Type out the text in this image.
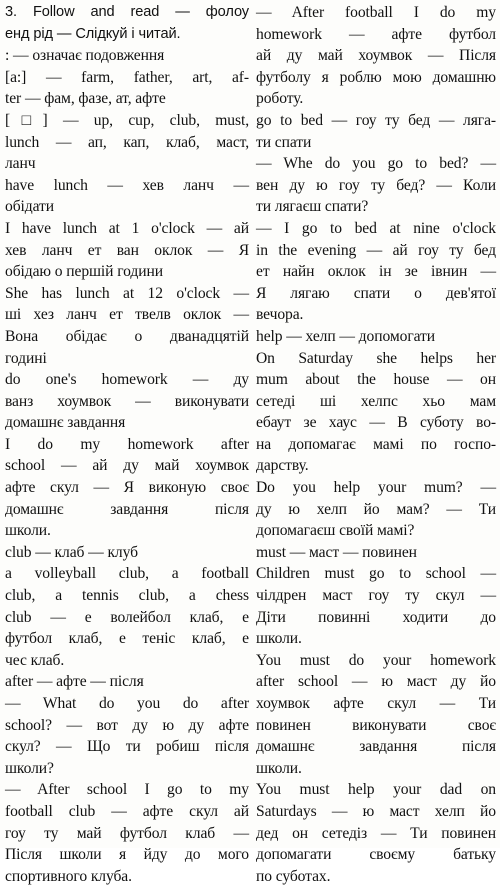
3. Follow and read — фолоу
енд рід — Слідкуй і читай.
: — означає подовження
[a:] — farm, father, art, af-
ter — фам, фазе, ат, афте
[□] — up, cup, club, must,
lunch — ап, кап, клаб, маст,
ланч
have lunch — хев ланч —
обідати
I have lunch at 1 o'clock — ай
хев ланч ет ван оклок — Я
обідаю о першій години
She has lunch at 12 o'clock —
ші хез ланч ет твелв оклок —
Вона обідає о дванадцятій
годині
do one's homework — ду
ванз хоумвок — виконувати
домашнє завдання
I do my homework after
school — ай ду май хоумвок
афте скул — Я виконую своє
домашнє завдання після
школи.
club — клаб — клуб
a volleyball club, a football
club, a tennis club, a chess
club — е волейбол клаб, е
футбол клаб, е теніс клаб, е
чес клаб.
after — афте — після
— What do you do after
school? — вот ду ю ду афте
скул? — Що ти робиш після
школи?
— After school I go to my
football club — афте скул ай
гоу ту май футбол клаб —
Після школи я йду до мого
спортивного клуба.
— After football I do my
homework — афте футбол
ай ду май хоумвок — Після
футболу я роблю мою домашню
роботу.
go to bed — гоу ту бед — ляга-
ти спати
— Whe do you go to bed? —
вен ду ю гоу ту бед? — Коли
ти лягаєш спати?
— I go to bed at nine o'clock
in the evening — ай гоу ту бед
ет найн оклок ін зе івнин —
Я лягаю спати о дев'ятої
вечора.
help — хелп — допомогати
On Saturday she helps her
mum about the house — он
сетеді ші хелпс хьо мам
ебаут зе хаус — В суботу во-
на допомагає мамі по госпо-
дарству.
Do you help your mum? —
ду ю хелп йо мам? — Ти
допомагаєш своїй мамі?
must — маст — повинен
Children must go to school —
чілдрен маст гоу ту скул —
Діти повинні ходити до
школи.
You must do your homework
after school — ю маст ду йо
хоумвок афте скул — Ти
повинен виконувати своє
домашнє завдання після
школи.
You must help your dad on
Saturdays — ю маст хелп йо
дед он сетедіз — Ти повинен
допомагати своєму батьку
по суботах.
